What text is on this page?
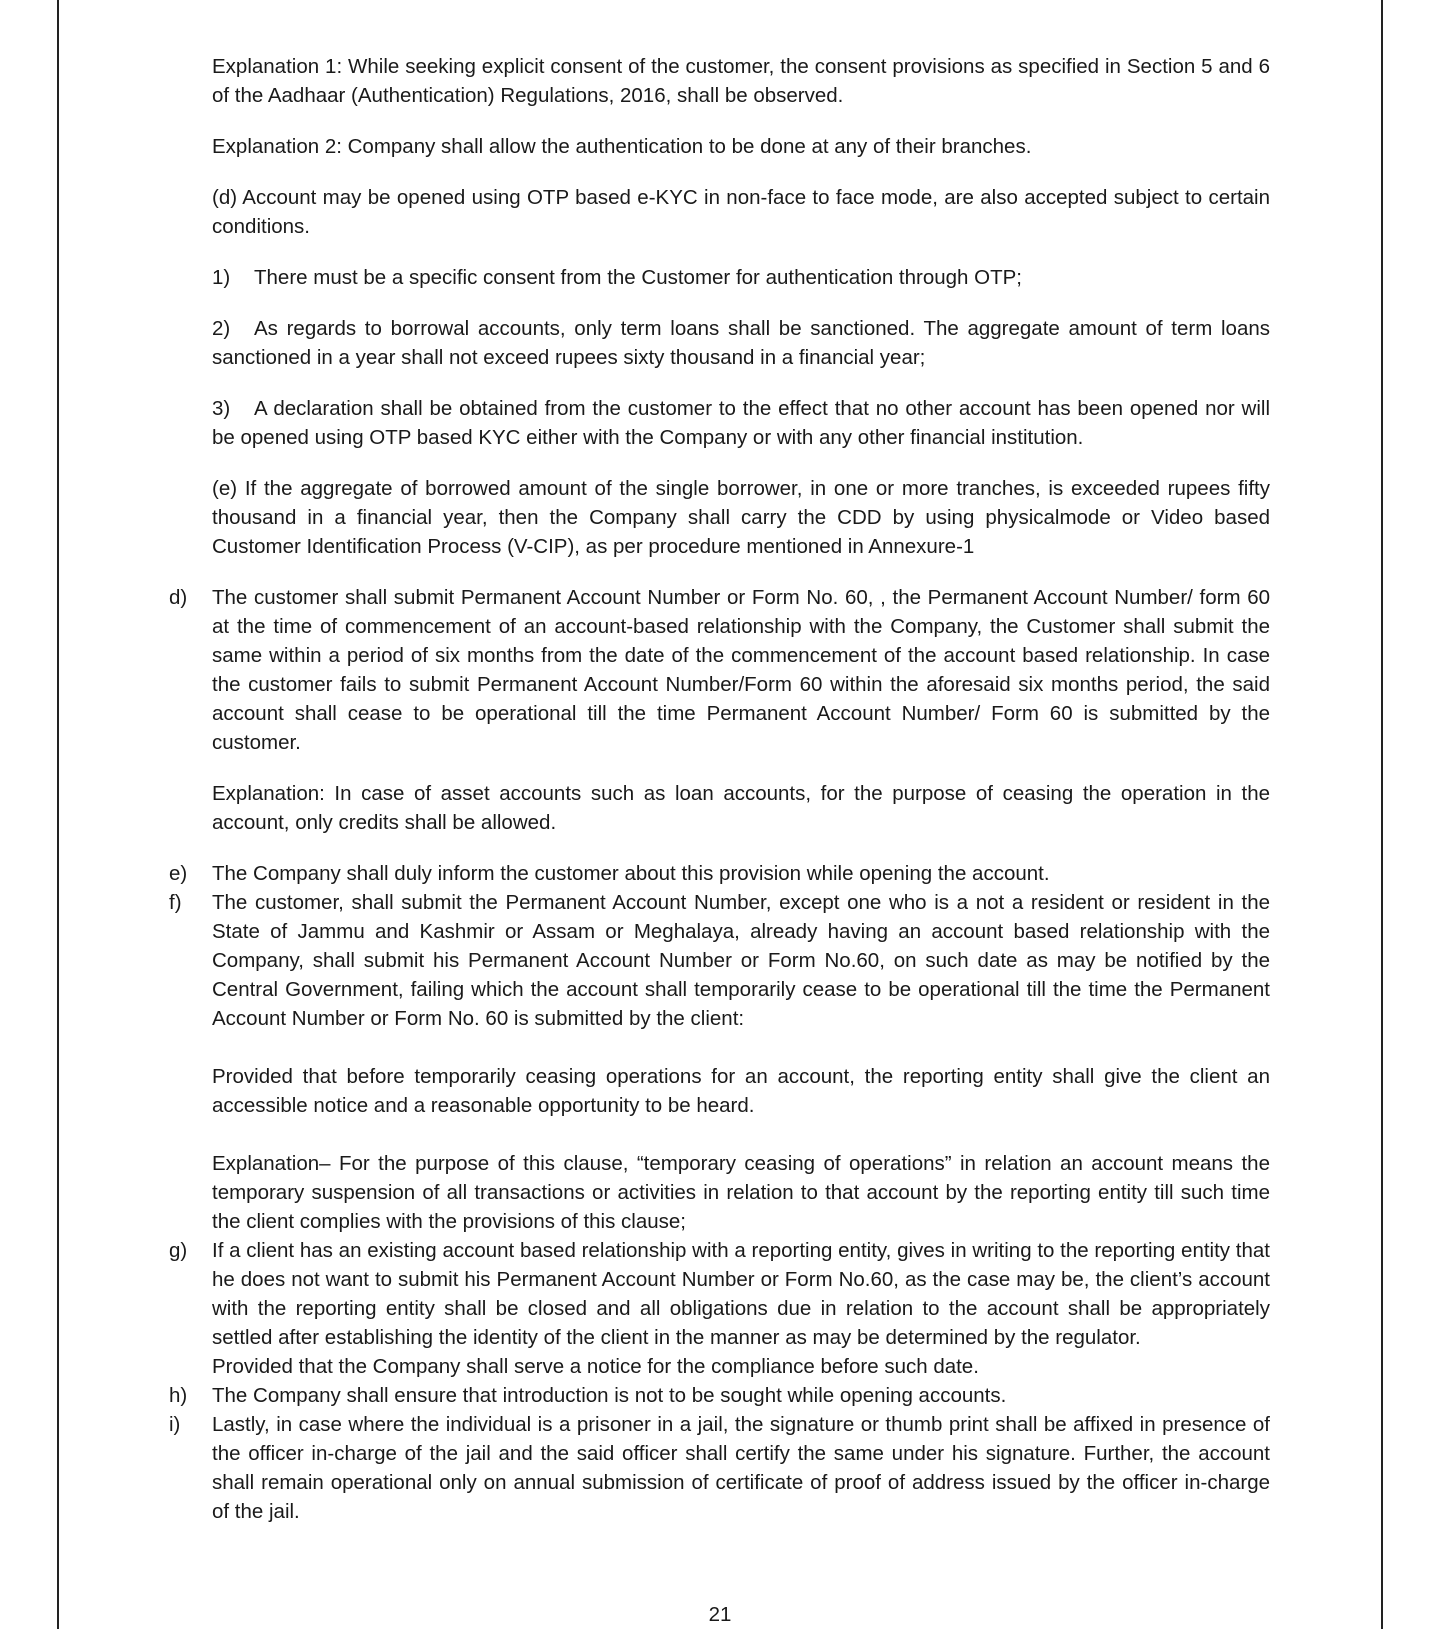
Explanation 1: While seeking explicit consent of the customer, the consent provisions as specified in Section 5 and 6 of the Aadhaar (Authentication) Regulations, 2016, shall be observed.

Explanation 2: Company shall allow the authentication to be done at any of their branches.

(d) Account may be opened using OTP based e-KYC in non-face to face mode, are also accepted subject to certain conditions.

1) There must be a specific consent from the Customer for authentication through OTP;

2) As regards to borrowal accounts, only term loans shall be sanctioned. The aggregate amount of term loans sanctioned in a year shall not exceed rupees sixty thousand in a financial year;

3) A declaration shall be obtained from the customer to the effect that no other account has been opened nor will be opened using OTP based KYC either with the Company or with any other financial institution.

(e) If the aggregate of borrowed amount of the single borrower, in one or more tranches, is exceeded rupees fifty thousand in a financial year, then the Company shall carry the CDD by using physicalmode or Video based Customer Identification Process (V-CIP), as per procedure mentioned in Annexure-1

d) The customer shall submit Permanent Account Number or Form No. 60, , the Permanent Account Number/ form 60 at the time of commencement of an account-based relationship with the Company, the Customer shall submit the same within a period of six months from the date of the commencement of the account based relationship. In case the customer fails to submit Permanent Account Number/Form 60 within the aforesaid six months period, the said account shall cease to be operational till the time Permanent Account Number/ Form 60 is submitted by the customer.

Explanation: In case of asset accounts such as loan accounts, for the purpose of ceasing the operation in the account, only credits shall be allowed.

e) The Company shall duly inform the customer about this provision while opening the account.

f) The customer, shall submit the Permanent Account Number, except one who is a not a resident or resident in the State of Jammu and Kashmir or Assam or Meghalaya, already having an account based relationship with the Company, shall submit his Permanent Account Number or Form No.60, on such date as may be notified by the Central Government, failing which the account shall temporarily cease to be operational till the time the Permanent Account Number or Form No. 60 is submitted by the client:

Provided that before temporarily ceasing operations for an account, the reporting entity shall give the client an accessible notice and a reasonable opportunity to be heard.

Explanation– For the purpose of this clause, “temporary ceasing of operations” in relation an account means the temporary suspension of all transactions or activities in relation to that account by the reporting entity till such time the client complies with the provisions of this clause;

g) If a client has an existing account based relationship with a reporting entity, gives in writing to the reporting entity that he does not want to submit his Permanent Account Number or Form No.60, as the case may be, the client’s account with the reporting entity shall be closed and all obligations due in relation to the account shall be appropriately settled after establishing the identity of the client in the manner as may be determined by the regulator.

Provided that the Company shall serve a notice for the compliance before such date.

h) The Company shall ensure that introduction is not to be sought while opening accounts.

i) Lastly, in case where the individual is a prisoner in a jail, the signature or thumb print shall be affixed in presence of the officer in-charge of the jail and the said officer shall certify the same under his signature. Further, the account shall remain operational only on annual submission of certificate of proof of address issued by the officer in-charge of the jail.

21
